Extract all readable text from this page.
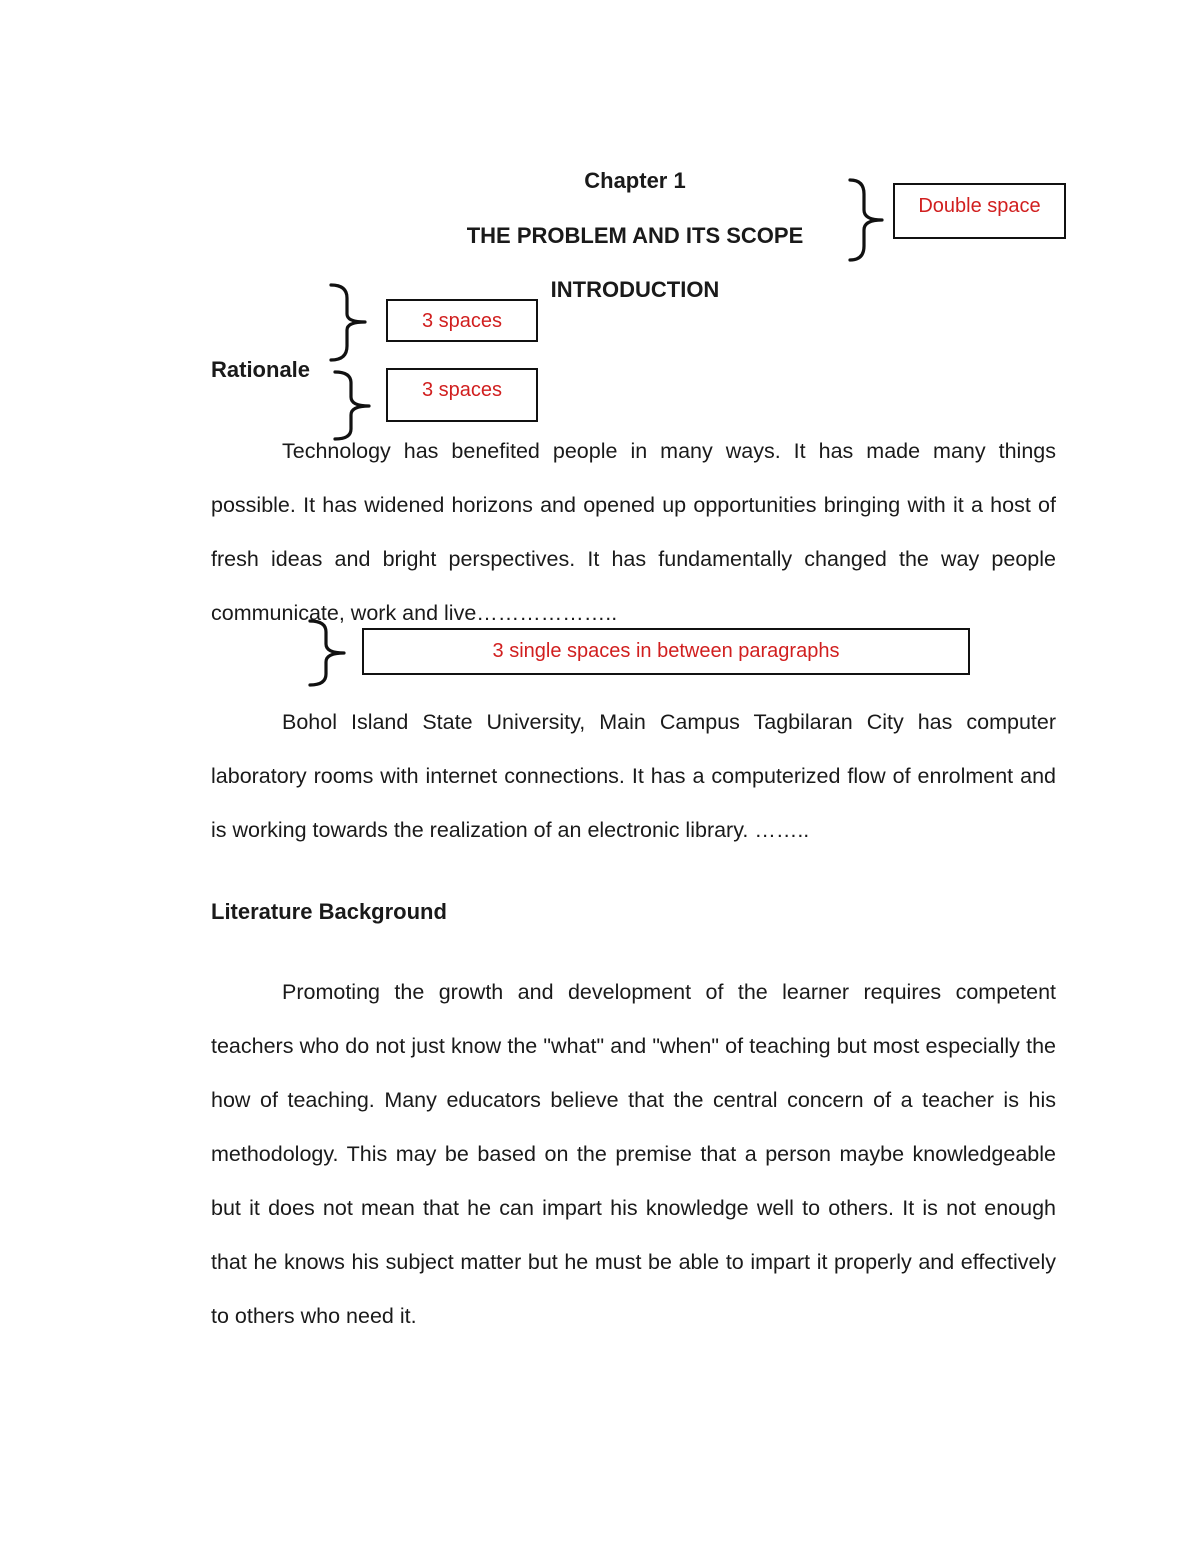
Chapter 1
THE PROBLEM AND ITS SCOPE
INTRODUCTION
Rationale

Technology has benefited people in many ways. It has made many things possible. It has widened horizons and opened up opportunities bringing with it a host of fresh ideas and bright perspectives. It has fundamentally changed the way people communicate, work and live………………..

Bohol Island State University, Main Campus Tagbilaran City has computer laboratory rooms with internet connections. It has a computerized flow of enrolment and is working towards the realization of an electronic library. ……..

Literature Background

Promoting the growth and development of the learner requires competent teachers who do not just know the "what" and "when" of teaching but most especially the how of teaching. Many educators believe that the central concern of a teacher is his methodology. This may be based on the premise that a person maybe knowledgeable but it does not mean that he can impart his knowledge well to others. It is not enough that he knows his subject matter but he must be able to impart it properly and effectively to others who need it.

Double space
3 spaces
3 spaces
3 single spaces in between paragraphs
